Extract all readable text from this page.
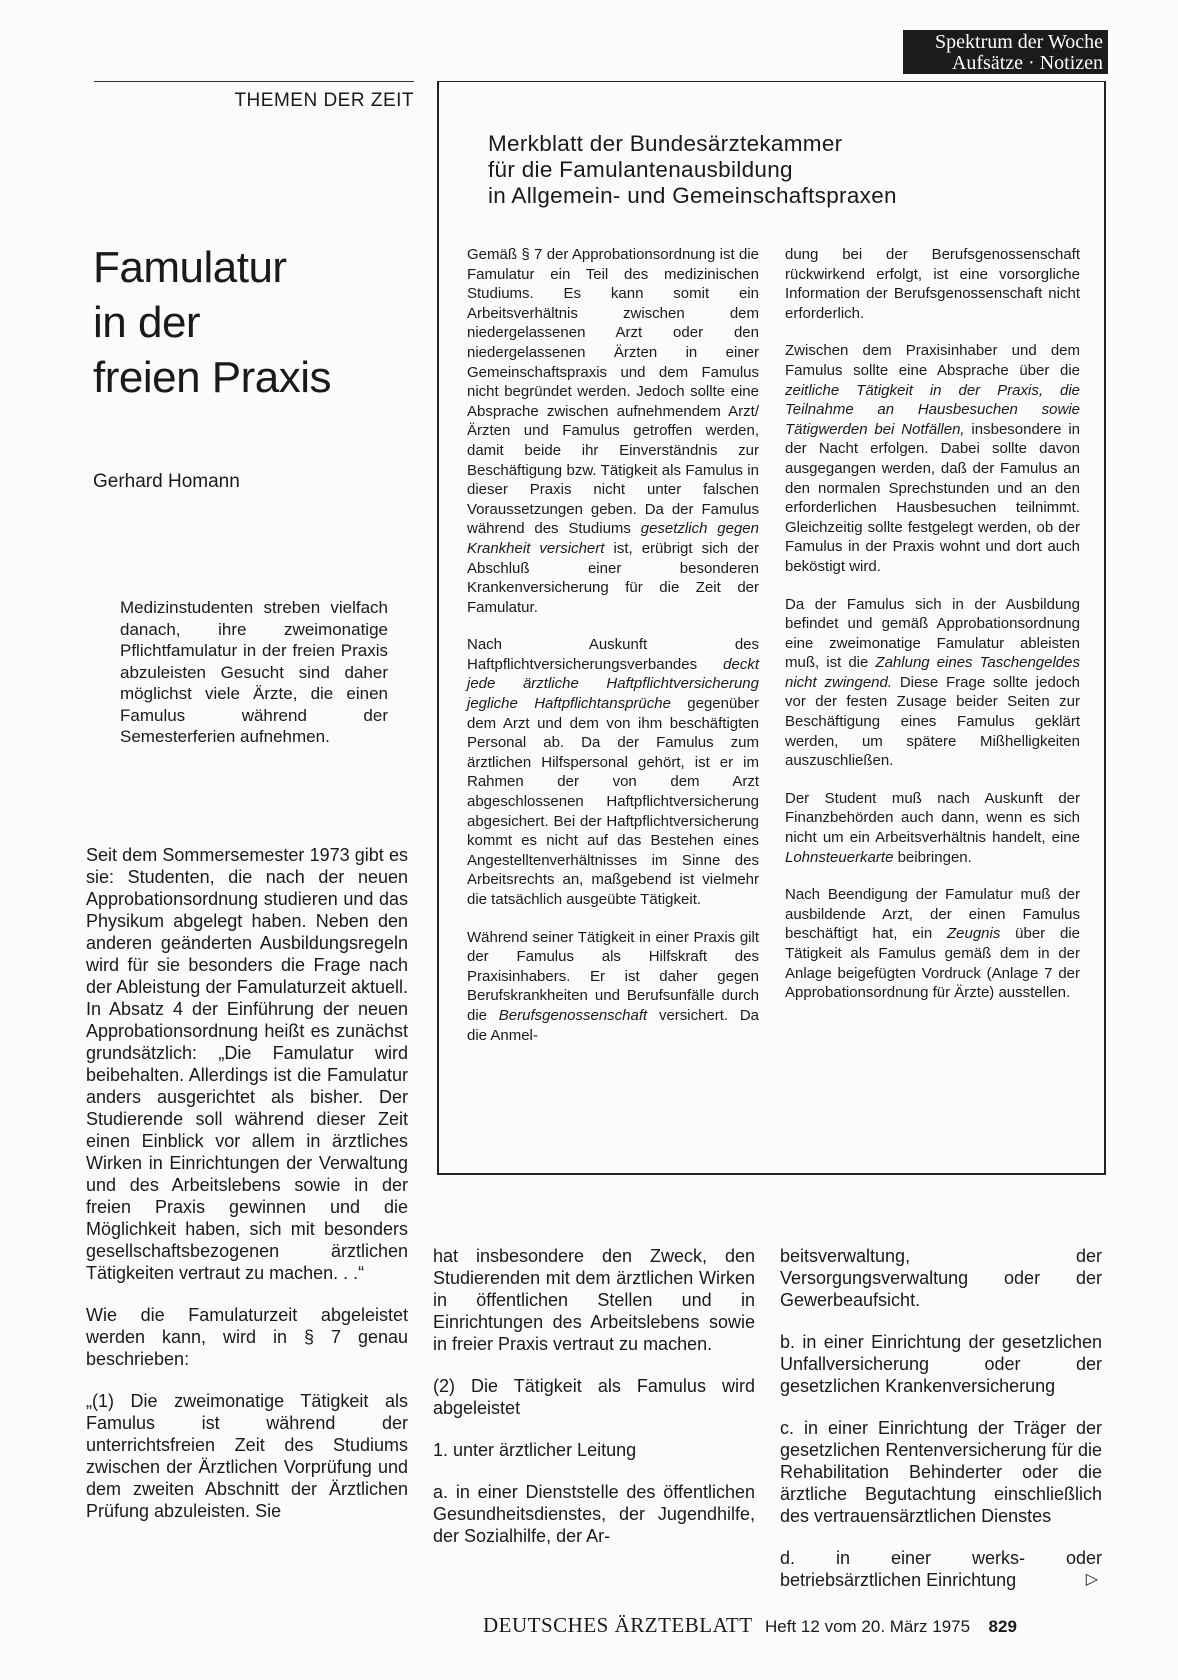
Spektrum der Woche
Aufsätze · Notizen
THEMEN DER ZEIT
Famulatur
in der
freien Praxis
Gerhard Homann

Medizinstudenten streben vielfach danach, ihre zweimonatige Pflichtfamulatur in der freien Praxis abzuleisten Gesucht sind daher möglichst viele Ärzte, die einen Famulus während der Semesterferien aufnehmen.

Seit dem Sommersemester 1973 gibt es sie: Studenten, die nach der neuen Approbationsordnung studieren und das Physikum abgelegt haben. Neben den anderen geänderten Ausbildungsregeln wird für sie besonders die Frage nach der Ableistung der Famulaturzeit aktuell. In Absatz 4 der Einführung der neuen Approbationsordnung heißt es zunächst grundsätzlich: „Die Famulatur wird beibehalten. Allerdings ist die Famulatur anders ausgerichtet als bisher. Der Studierende soll während dieser Zeit einen Einblick vor allem in ärztliches Wirken in Einrichtungen der Verwaltung und des Arbeitslebens sowie in der freien Praxis gewinnen und die Möglichkeit haben, sich mit besonders gesellschaftsbezogenen ärztlichen Tätigkeiten vertraut zu machen. . .“

Wie die Famulaturzeit abgeleistet werden kann, wird in § 7 genau beschrieben:

„(1) Die zweimonatige Tätigkeit als Famulus ist während der unterrichtsfreien Zeit des Studiums zwischen der Ärztlichen Vorprüfung und dem zweiten Abschnitt der Ärztlichen Prüfung abzuleisten. Sie

Merkblatt der Bundesärztekammer
für die Famulantenausbildung
in Allgemein- und Gemeinschaftspraxen

Gemäß § 7 der Approbationsordnung ist die Famulatur ein Teil des medizinischen Studiums. Es kann somit ein Arbeitsverhältnis zwischen dem niedergelassenen Arzt oder den niedergelassenen Ärzten in einer Gemeinschaftspraxis und dem Famulus nicht begründet werden. Jedoch sollte eine Absprache zwischen aufnehmendem Arzt/Ärzten und Famulus getroffen werden, damit beide ihr Einverständnis zur Beschäftigung bzw. Tätigkeit als Famulus in dieser Praxis nicht unter falschen Voraussetzungen geben. Da der Famulus während des Studiums gesetzlich gegen Krankheit versichert ist, erübrigt sich der Abschluß einer besonderen Krankenversicherung für die Zeit der Famulatur.

Nach Auskunft des Haftpflichtversicherungsverbandes deckt jede ärztliche Haftpflichtversicherung jegliche Haftpflichtansprüche gegenüber dem Arzt und dem von ihm beschäftigten Personal ab. Da der Famulus zum ärztlichen Hilfspersonal gehört, ist er im Rahmen der von dem Arzt abgeschlossenen Haftpflichtversicherung abgesichert. Bei der Haftpflichtversicherung kommt es nicht auf das Bestehen eines Angestelltenverhältnisses im Sinne des Arbeitsrechts an, maßgebend ist vielmehr die tatsächlich ausgeübte Tätigkeit.

Während seiner Tätigkeit in einer Praxis gilt der Famulus als Hilfskraft des Praxisinhabers. Er ist daher gegen Berufskrankheiten und Berufsunfälle durch die Berufsgenossenschaft versichert. Da die Anmel-

dung bei der Berufsgenossenschaft rückwirkend erfolgt, ist eine vorsorgliche Information der Berufsgenossenschaft nicht erforderlich.

Zwischen dem Praxisinhaber und dem Famulus sollte eine Absprache über die zeitliche Tätigkeit in der Praxis, die Teilnahme an Hausbesuchen sowie Tätigwerden bei Notfällen, insbesondere in der Nacht erfolgen. Dabei sollte davon ausgegangen werden, daß der Famulus an den normalen Sprechstunden und an den erforderlichen Hausbesuchen teilnimmt. Gleichzeitig sollte festgelegt werden, ob der Famulus in der Praxis wohnt und dort auch beköstigt wird.

Da der Famulus sich in der Ausbildung befindet und gemäß Approbationsordnung eine zweimonatige Famulatur ableisten muß, ist die Zahlung eines Taschengeldes nicht zwingend. Diese Frage sollte jedoch vor der festen Zusage beider Seiten zur Beschäftigung eines Famulus geklärt werden, um spätere Mißhelligkeiten auszuschließen.

Der Student muß nach Auskunft der Finanzbehörden auch dann, wenn es sich nicht um ein Arbeitsverhältnis handelt, eine Lohnsteuerkarte beibringen.

Nach Beendigung der Famulatur muß der ausbildende Arzt, der einen Famulus beschäftigt hat, ein Zeugnis über die Tätigkeit als Famulus gemäß dem in der Anlage beigefügten Vordruck (Anlage 7 der Approbationsordnung für Ärzte) ausstellen.

hat insbesondere den Zweck, den Studierenden mit dem ärztlichen Wirken in öffentlichen Stellen und in Einrichtungen des Arbeitslebens sowie in freier Praxis vertraut zu machen.

(2) Die Tätigkeit als Famulus wird abgeleistet

1. unter ärztlicher Leitung

a. in einer Dienststelle des öffentlichen Gesundheitsdienstes, der Jugendhilfe, der Sozialhilfe, der Ar-

beitsverwaltung, der Versorgungsverwaltung oder der Gewerbeaufsicht.

b. in einer Einrichtung der gesetzlichen Unfallversicherung oder der gesetzlichen Krankenversicherung

c. in einer Einrichtung der Träger der gesetzlichen Rentenversicherung für die Rehabilitation Behinderter oder die ärztliche Begutachtung einschließlich des vertrauensärztlichen Dienstes

d. in einer werks- oder betriebsärztlichen Einrichtung	▷

DEUTSCHES ÄRZTEBLATT Heft 12 vom 20. März 1975 829
